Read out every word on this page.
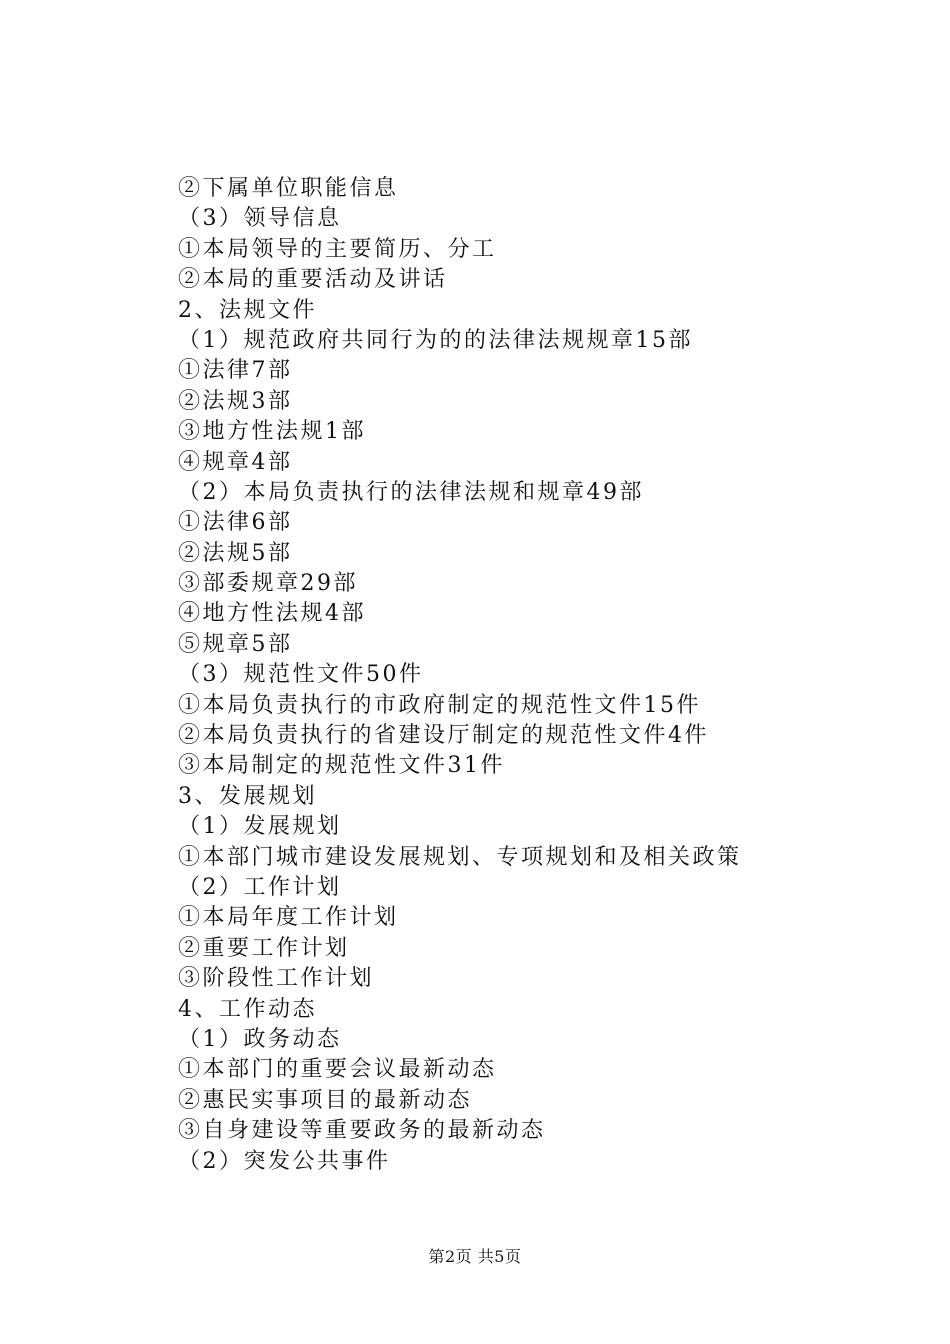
②下属单位职能信息
（3）领导信息
①本局领导的主要简历、分工
②本局的重要活动及讲话
2、法规文件
（1）规范政府共同行为的的法律法规规章15部
①法律7部
②法规3部
③地方性法规1部
④规章4部
（2）本局负责执行的法律法规和规章49部
①法律6部
②法规5部
③部委规章29部
④地方性法规4部
⑤规章5部
（3）规范性文件50件
①本局负责执行的市政府制定的规范性文件15件
②本局负责执行的省建设厅制定的规范性文件4件
③本局制定的规范性文件31件
3、发展规划
（1）发展规划
①本部门城市建设发展规划、专项规划和及相关政策
（2）工作计划
①本局年度工作计划
②重要工作计划
③阶段性工作计划
4、工作动态
（1）政务动态
①本部门的重要会议最新动态
②惠民实事项目的最新动态
③自身建设等重要政务的最新动态
（2）突发公共事件
第2页 共5页
